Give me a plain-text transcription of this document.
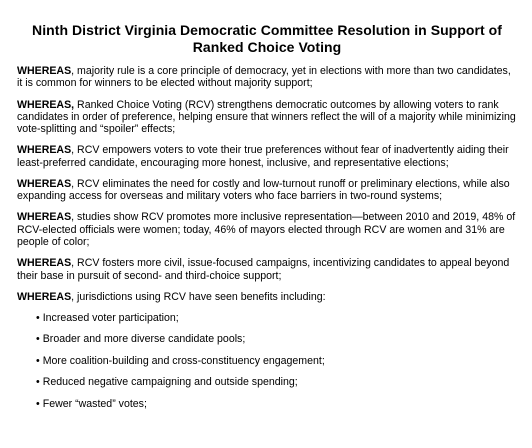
Ninth District Virginia Democratic Committee Resolution in Support of Ranked Choice Voting

WHEREAS, majority rule is a core principle of democracy, yet in elections with more than two candidates, it is common for winners to be elected without majority support;

WHEREAS, Ranked Choice Voting (RCV) strengthens democratic outcomes by allowing voters to rank candidates in order of preference, helping ensure that winners reflect the will of a majority while minimizing vote-splitting and “spoiler” effects;

WHEREAS, RCV empowers voters to vote their true preferences without fear of inadvertently aiding their least-preferred candidate, encouraging more honest, inclusive, and representative elections;

WHEREAS, RCV eliminates the need for costly and low-turnout runoff or preliminary elections, while also expanding access for overseas and military voters who face barriers in two-round systems;

WHEREAS, studies show RCV promotes more inclusive representation—between 2010 and 2019, 48% of RCV-elected officials were women; today, 46% of mayors elected through RCV are women and 31% are people of color;

WHEREAS, RCV fosters more civil, issue-focused campaigns, incentivizing candidates to appeal beyond their base in pursuit of second- and third-choice support;

WHEREAS, jurisdictions using RCV have seen benefits including:

• Increased voter participation;
• Broader and more diverse candidate pools;
• More coalition-building and cross-constituency engagement;
• Reduced negative campaigning and outside spending;
• Fewer “wasted” votes;
